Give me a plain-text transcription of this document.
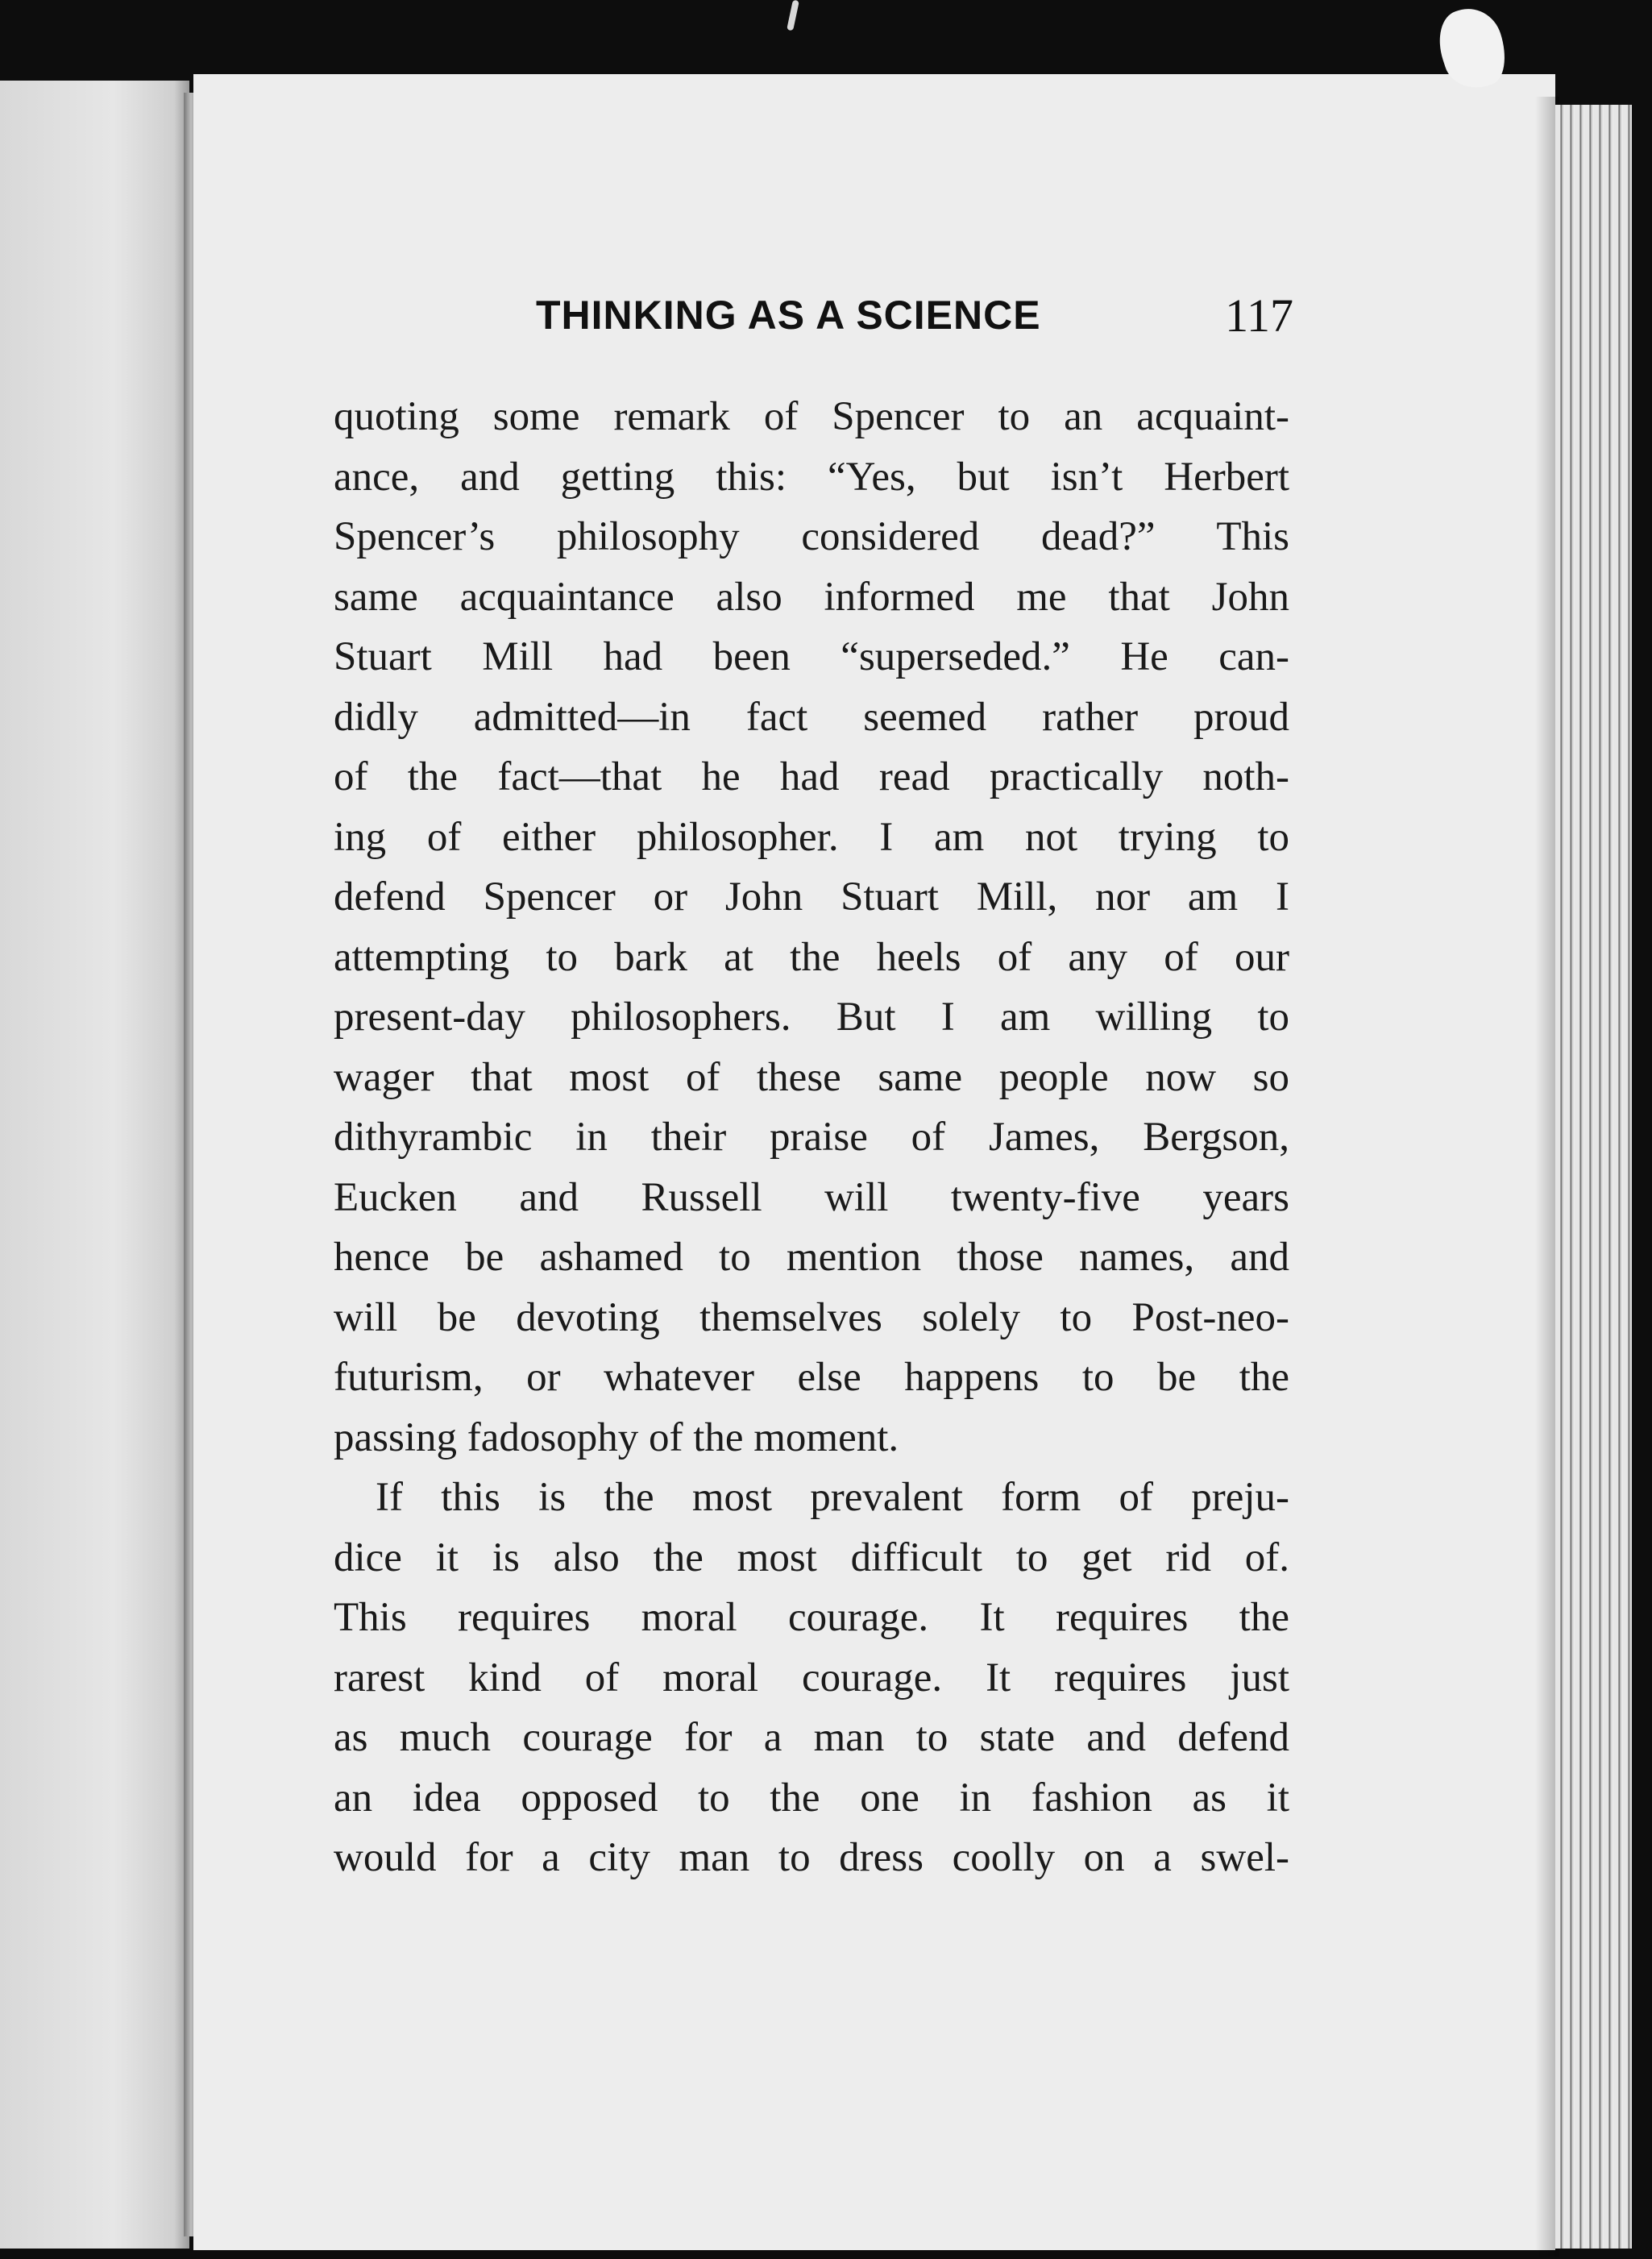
THINKING AS A SCIENCE	117
quoting some remark of Spencer to an acquaint-
ance, and getting this: “Yes, but isn’t Herbert
Spencer’s philosophy considered dead?” This
same acquaintance also informed me that John
Stuart Mill had been “superseded.” He can-
didly admitted—in fact seemed rather proud
of the fact—that he had read practically noth-
ing of either philosopher. I am not trying to
defend Spencer or John Stuart Mill, nor am I
attempting to bark at the heels of any of our
present-day philosophers. But I am willing to
wager that most of these same people now so
dithyrambic in their praise of James, Bergson,
Eucken and Russell will twenty-five years
hence be ashamed to mention those names, and
will be devoting themselves solely to Post-neo-
futurism, or whatever else happens to be the
passing fadosophy of the moment.
If this is the most prevalent form of preju-
dice it is also the most difficult to get rid of.
This requires moral courage. It requires the
rarest kind of moral courage. It requires just
as much courage for a man to state and defend
an idea opposed to the one in fashion as it
would for a city man to dress coolly on a swel-
